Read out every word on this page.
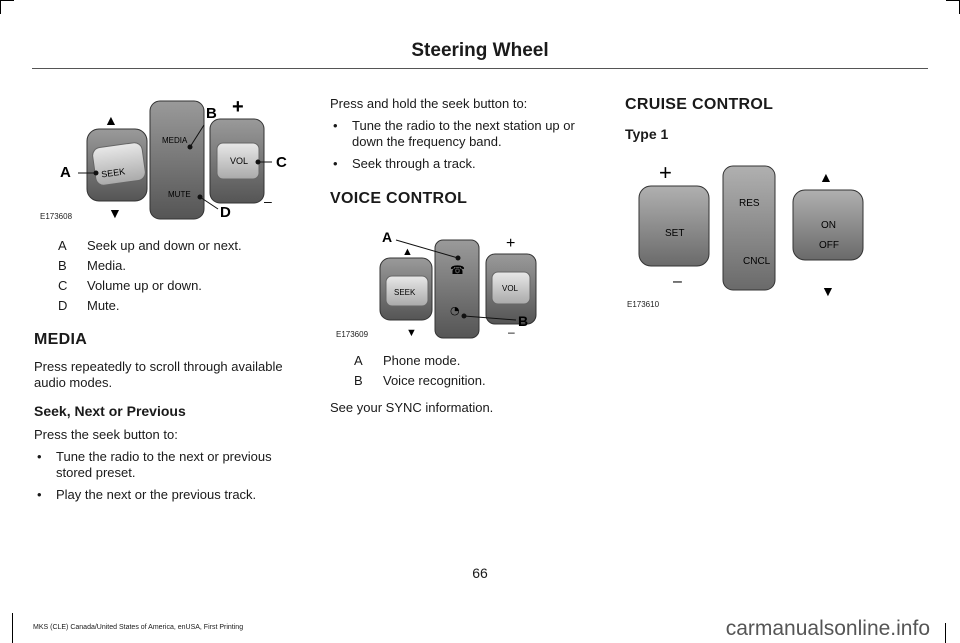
Steering Wheel
SEEK
MEDIA
MUTE
VOL
▲
▼
+
–
A
B
C
D
E173608
A	Seek up and down or next.
B	Media.
C	Volume up or down.
D	Mute.
MEDIA

Press repeatedly to scroll through available audio modes.

Seek, Next or Previous

Press the seek button to:

• Tune the radio to the next or previous stored preset.
• Play the next or the previous track.

Press and hold the seek button to:

• Tune the radio to the next station up or down the frequency band.
• Seek through a track.
VOICE CONTROL
SEEK
☎
◔
VOL
▲
▼
+
–
A
B
E173609
A	Phone mode.
B	Voice recognition.

See your SYNC information.

CRUISE CONTROL
Type 1
SET
RES
CNCL
ON
OFF
+
–
▲
▼
E173610
66
MKS (CLE) Canada/United States of America, enUSA, First Printing	carmanualsonline.info
